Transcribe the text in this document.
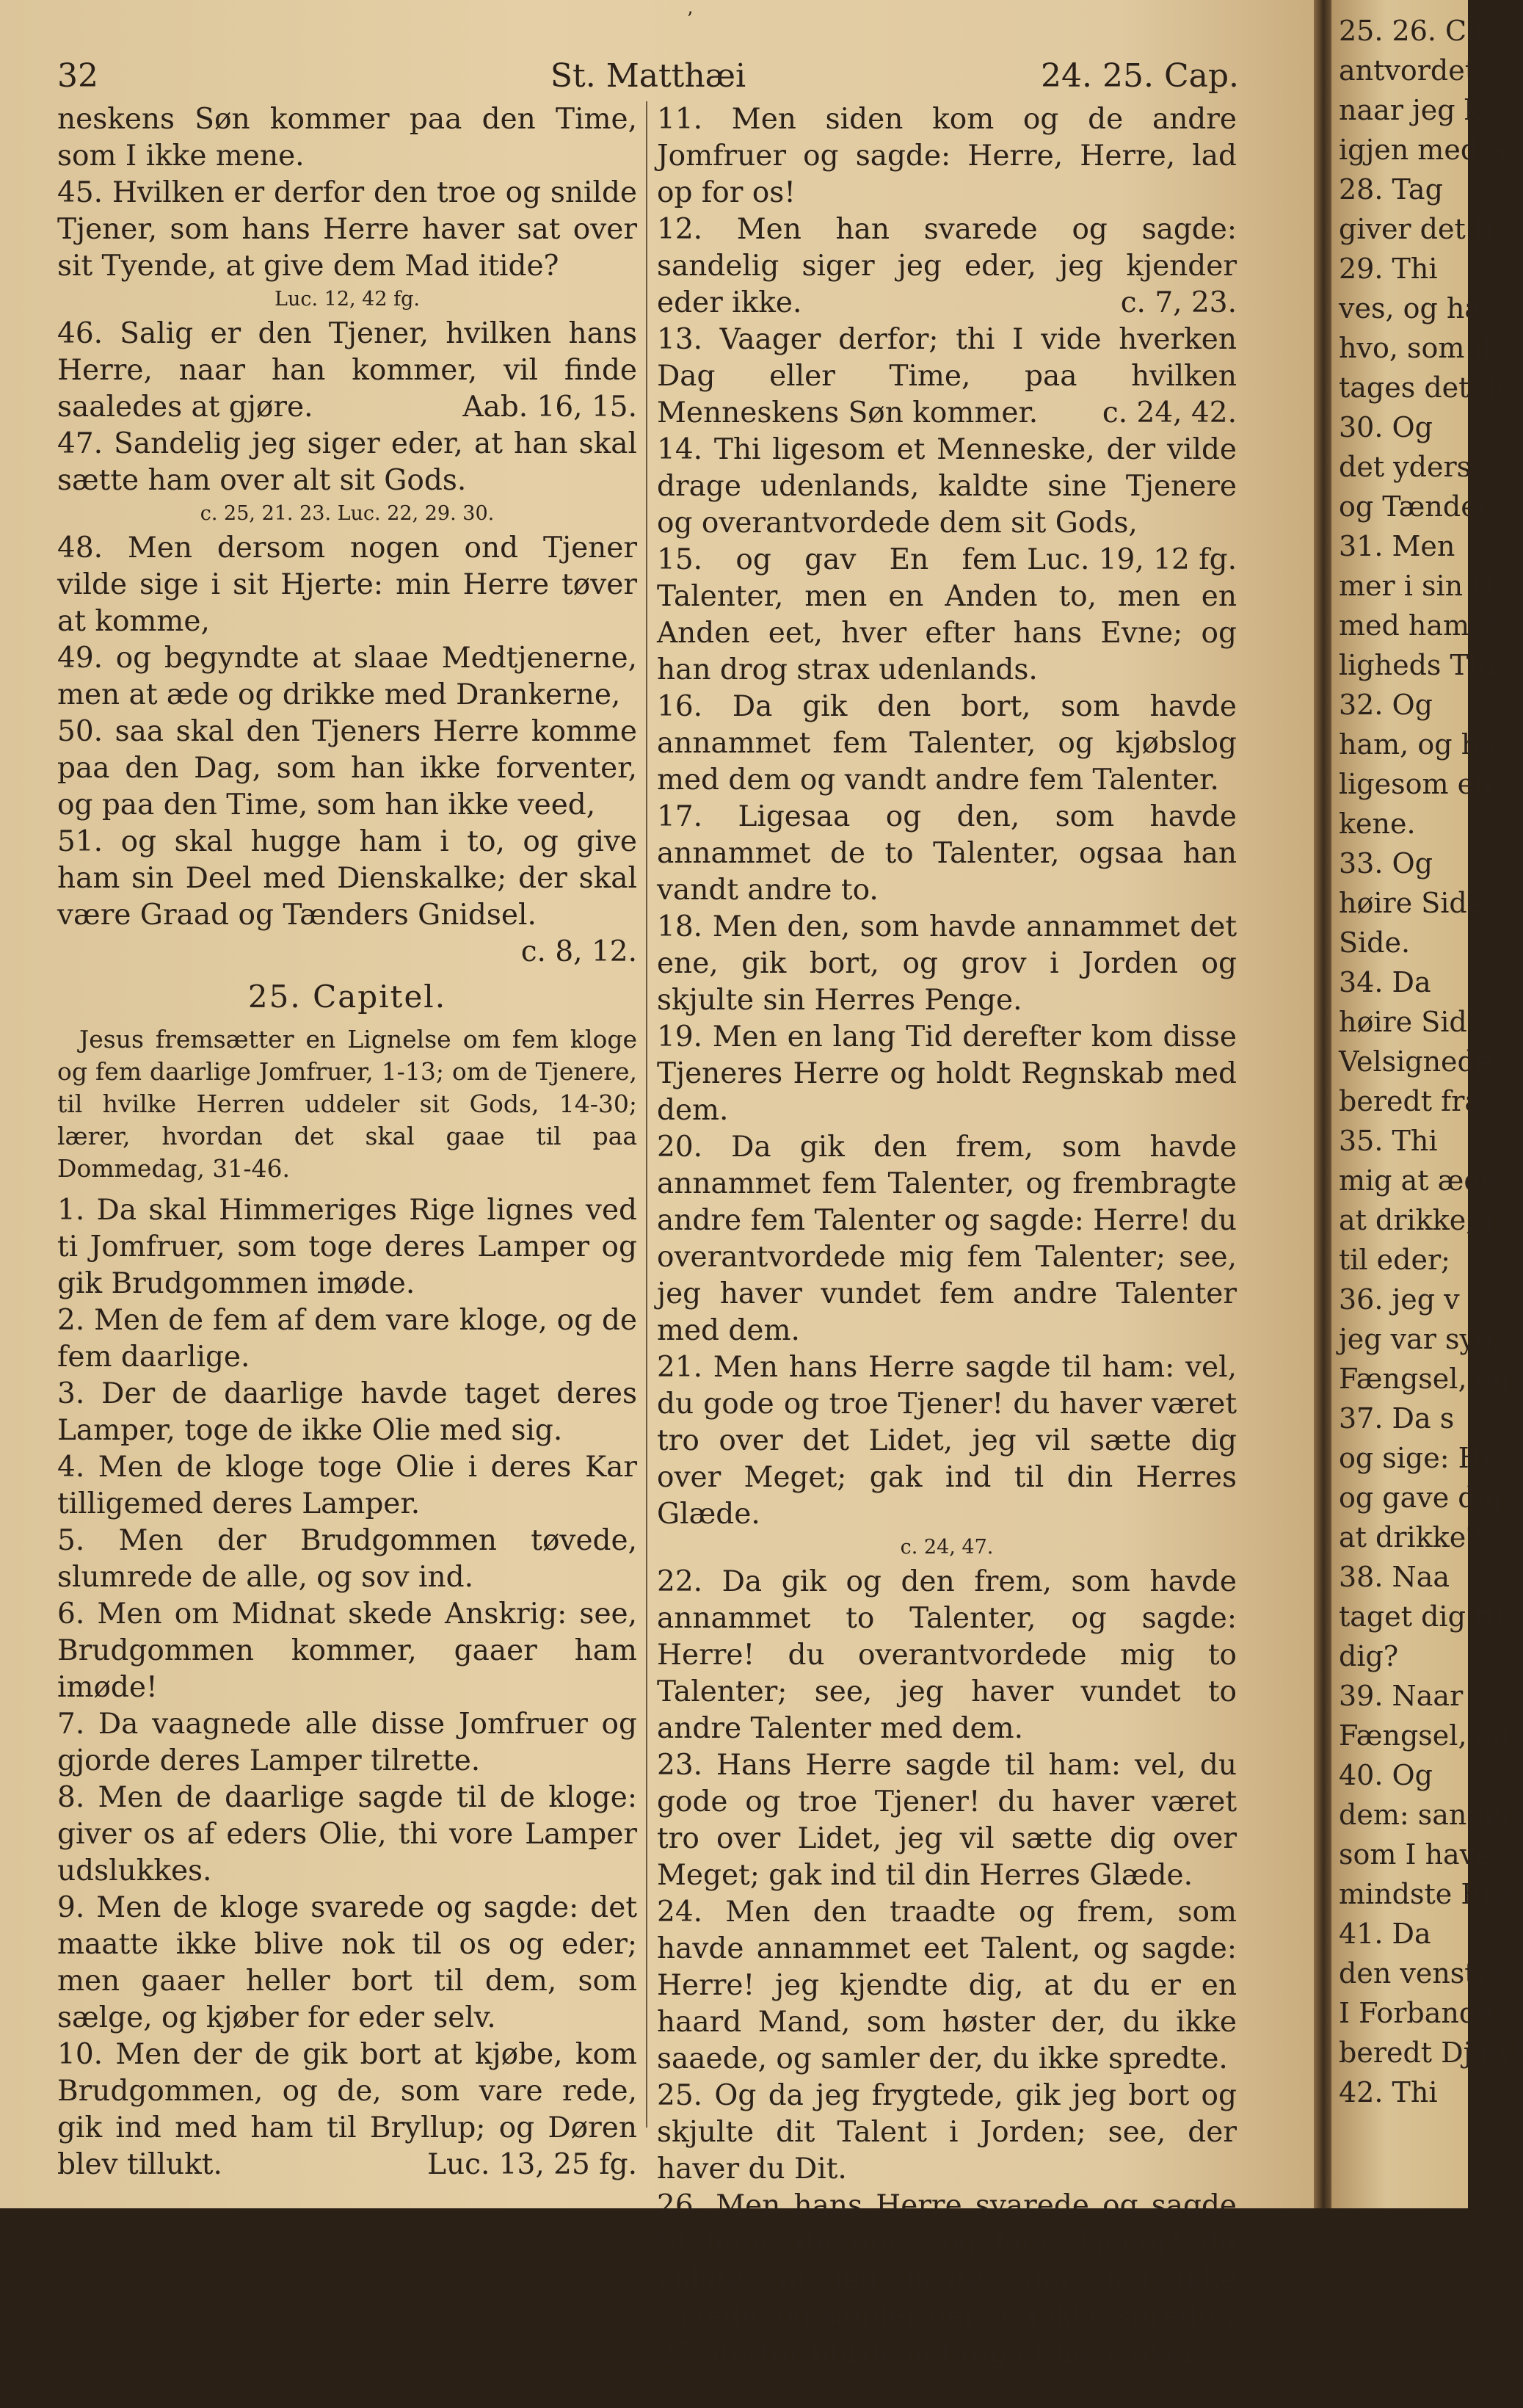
ʼ
32	St. Matthæi	24. 25. Cap.

neskens Søn kommer paa den Time, som I ikke mene.

45. Hvilken er derfor den troe og snilde Tjener, som hans Herre haver sat over sit Tyende, at give dem Mad itide?

Luc. 12, 42 fg.

46. Salig er den Tjener, hvilken hans Herre, naar han kommer, vil finde saaledes at gjøre.	Aab. 16, 15.

47. Sandelig jeg siger eder, at han skal sætte ham over alt sit Gods.

c. 25, 21. 23. Luc. 22, 29. 30.

48. Men dersom nogen ond Tjener vilde sige i sit Hjerte: min Herre tøver at komme,

49. og begyndte at slaae Medtjenerne, men at æde og drikke med Drankerne,

50. saa skal den Tjeners Herre komme paa den Dag, som han ikke forventer, og paa den Time, som han ikke veed,

51. og skal hugge ham i to, og give ham sin Deel med Dienskalke; der skal være Graad og Tænders Gnidsel.
c. 8, 12.

25. Capitel.
Jesus fremsætter en Lignelse om fem kloge og fem daarlige Jomfruer, 1-13; om de Tjenere, til hvilke Herren uddeler sit Gods, 14-30; lærer, hvordan det skal gaae til paa Dommedag, 31-46.

1. Da skal Himmeriges Rige lignes ved ti Jomfruer, som toge deres Lamper og gik Brudgommen imøde.

2. Men de fem af dem vare kloge, og de fem daarlige.

3. Der de daarlige havde taget deres Lamper, toge de ikke Olie med sig.

4. Men de kloge toge Olie i deres Kar tilligemed deres Lamper.

5. Men der Brudgommen tøvede, slumrede de alle, og sov ind.

6. Men om Midnat skede Anskrig: see, Brudgommen kommer, gaaer ham imøde!

7. Da vaagnede alle disse Jomfruer og gjorde deres Lamper tilrette.

8. Men de daarlige sagde til de kloge: giver os af eders Olie, thi vore Lamper udslukkes.

9. Men de kloge svarede og sagde: det maatte ikke blive nok til os og eder; men gaaer heller bort til dem, som sælge, og kjøber for eder selv.

10. Men der de gik bort at kjøbe, kom Brudgommen, og de, som vare rede, gik ind med ham til Bryllup; og Døren blev tillukt.	Luc. 13, 25 fg.

11. Men siden kom og de andre Jomfruer og sagde: Herre, Herre, lad op for os!

12. Men han svarede og sagde: sandelig siger jeg eder, jeg kjender eder ikke.	c. 7, 23.

13. Vaager derfor; thi I vide hverken Dag eller Time, paa hvilken Menneskens Søn kommer. c. 24, 42.

14. Thi ligesom et Menneske, der vilde drage udenlands, kaldte sine Tjenere og overantvordede dem sit Gods,
Luc. 19, 12 fg.

15. og gav En fem Talenter, men en Anden to, men en Anden eet, hver efter hans Evne; og han drog strax udenlands.

16. Da gik den bort, som havde annammet fem Talenter, og kjøbslog med dem og vandt andre fem Talenter.

17. Ligesaa og den, som havde annammet de to Talenter, ogsaa han vandt andre to.

18. Men den, som havde annammet det ene, gik bort, og grov i Jorden og skjulte sin Herres Penge.

19. Men en lang Tid derefter kom disse Tjeneres Herre og holdt Regnskab med dem.

20. Da gik den frem, som havde annammet fem Talenter, og frembragte andre fem Talenter og sagde: Herre! du overantvordede mig fem Talenter; see, jeg haver vundet fem andre Talenter med dem.

21. Men hans Herre sagde til ham: vel, du gode og troe Tjener! du haver været tro over det Lidet, jeg vil sætte dig over Meget; gak ind til din Herres Glæde.

c. 24, 47.

22. Da gik og den frem, som havde annammet to Talenter, og sagde: Herre! du overantvordede mig to Talenter; see, jeg haver vundet to andre Talenter med dem.

23. Hans Herre sagde til ham: vel, du gode og troe Tjener! du haver været tro over Lidet, jeg vil sætte dig over Meget; gak ind til din Herres Glæde.

24. Men den traadte og frem, som havde annammet eet Talent, og sagde: Herre! jeg kjendte dig, at du er en haard Mand, som høster der, du ikke saaede, og samler der, du ikke spredte.

25. Og da jeg frygtede, gik jeg bort og skjulte dit Talent i Jorden; see, der haver du Dit.

26. Men hans Herre svarede og sagde til ham: du onde og lade Tjener! du vidste, at jeg høster der, jeg ikke saaede, og samler der, jeg ikke spredte;

27. derfor burde det dig at have over-

25. 26. Ca
antvordet
naar jeg k
igjen med S
28. Tag
giver det ti
29. Thi
ves, og ha
hvo, som il
tages det, h
30. Og
det yderste
og Tænders
31. Men
mer i sin H
med ham, t
ligheds Thr
32. Og
ham, og hø
ligesom en
kene.
33. Og
høire Side
Side.
34. Da
høire Sid
Velsignede
beredt fra
35. Thi
mig at æde
at drikke; j
til eder;
36. jeg v
jeg var syg,
Fængsel, og
37. Da s
og sige: He
og gave dig
at drikke?
38. Naa
taget dig til
dig?
39. Naar
Fængsel, og
40. Og
dem: sandel
som I have
mindste Brø
41. Da
den venstre
I Forbande
beredt Djævl
42. Thi
